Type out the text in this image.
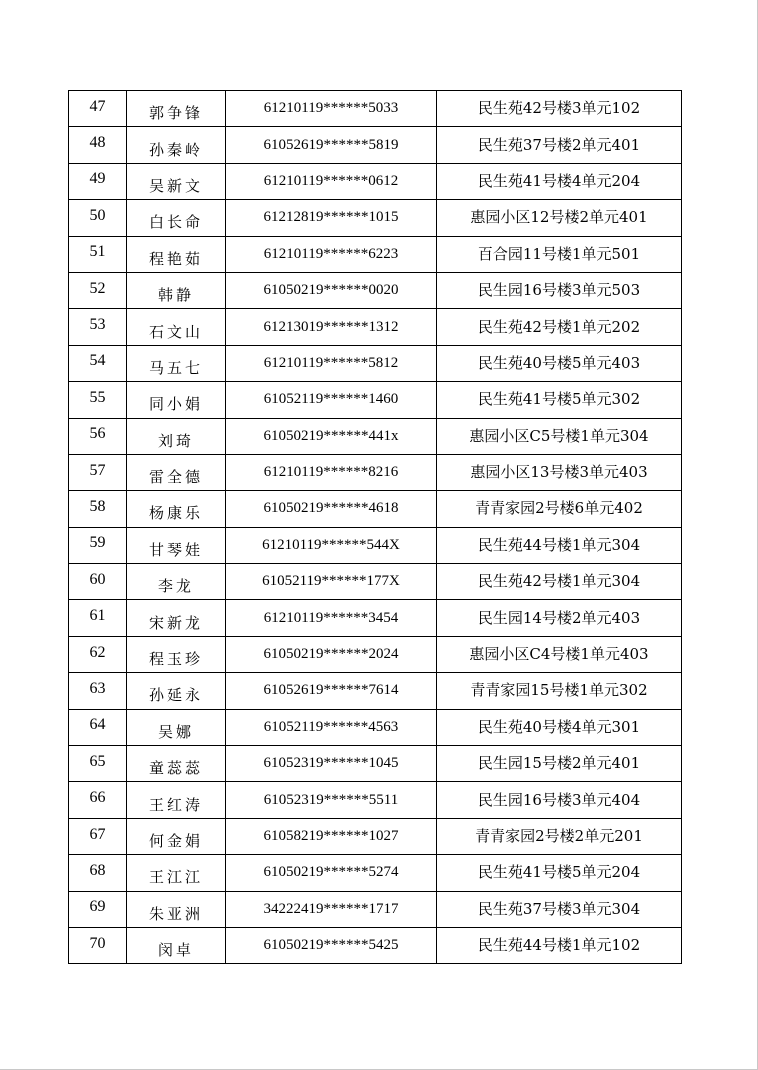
47	郭争锋	61210119******5033	民生苑42号楼3单元102
48	孙秦岭	61052619******5819	民生苑37号楼2单元401
49	吴新文	61210119******0612	民生苑41号楼4单元204
50	白长命	61212819******1015	惠园小区12号楼2单元401
51	程艳茹	61210119******6223	百合园11号楼1单元501
52	韩静	61050219******0020	民生园16号楼3单元503
53	石文山	61213019******1312	民生苑42号楼1单元202
54	马五七	61210119******5812	民生苑40号楼5单元403
55	同小娟	61052119******1460	民生苑41号楼5单元302
56	刘琦	61050219******441x	惠园小区C5号楼1单元304
57	雷全德	61210119******8216	惠园小区13号楼3单元403
58	杨康乐	61050219******4618	青青家园2号楼6单元402
59	甘琴娃	61210119******544X	民生苑44号楼1单元304
60	李龙	61052119******177X	民生苑42号楼1单元304
61	宋新龙	61210119******3454	民生园14号楼2单元403
62	程玉珍	61050219******2024	惠园小区C4号楼1单元403
63	孙延永	61052619******7614	青青家园15号楼1单元302
64	吴娜	61052119******4563	民生苑40号楼4单元301
65	童蕊蕊	61052319******1045	民生园15号楼2单元401
66	王红涛	61052319******5511	民生园16号楼3单元404
67	何金娟	61058219******1027	青青家园2号楼2单元201
68	王江江	61050219******5274	民生苑41号楼5单元204
69	朱亚洲	34222419******1717	民生苑37号楼3单元304
70	闵卓	61050219******5425	民生苑44号楼1单元102
